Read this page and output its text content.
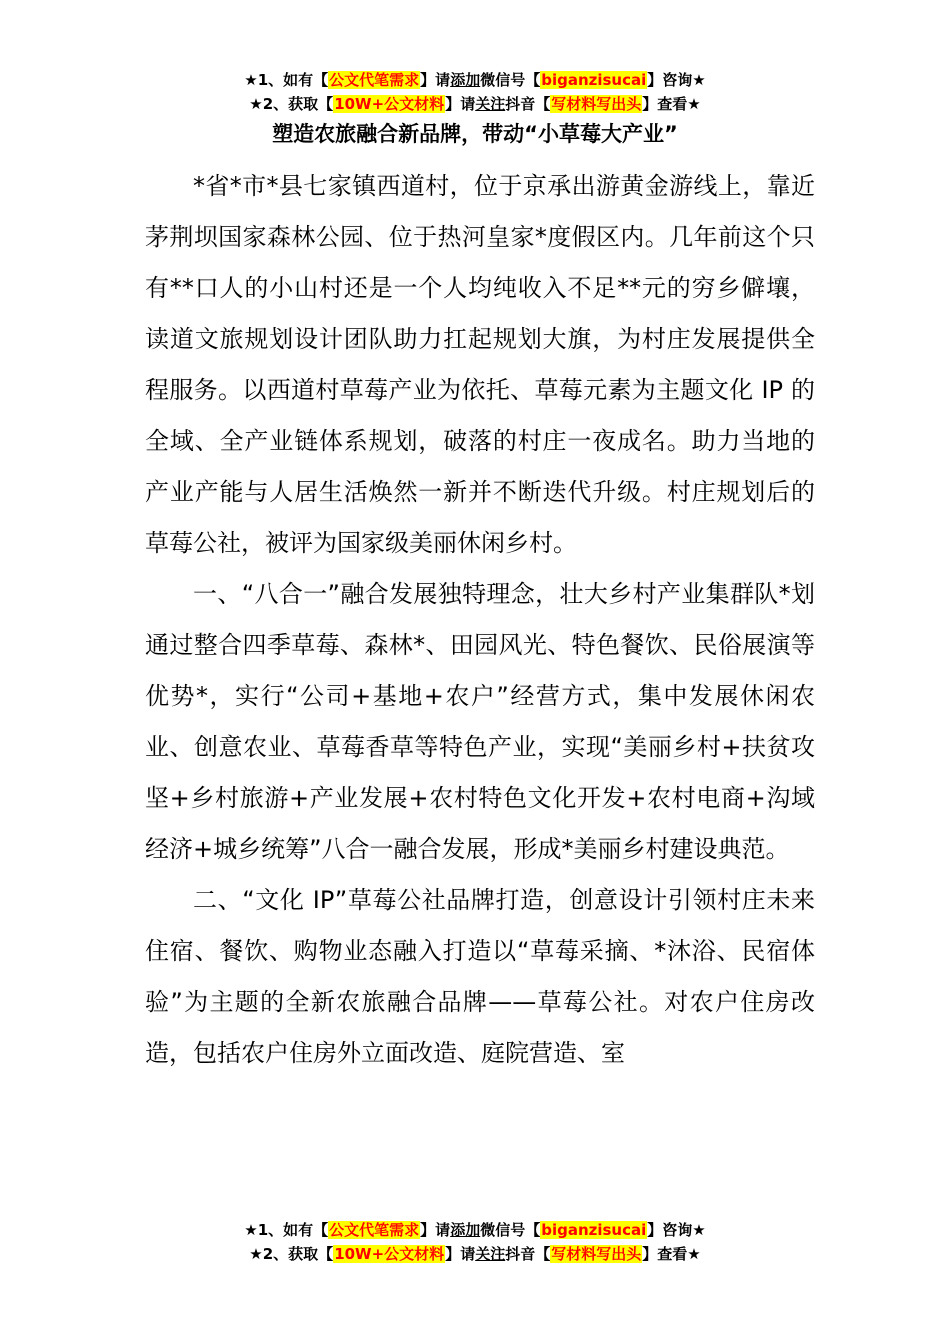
★1、如有【公文代笔需求】请添加微信号【biganzisucai】咨询★
★2、获取【10W+公文材料】请关注抖音【写材料写出头】查看★
塑造农旅融合新品牌，带动“小草莓大产业”

*省*市*县七家镇西道村，位于京承出游黄金游线上，靠近茅荆坝国家森林公园、位于热河皇家*度假区内。几年前这个只有**口人的小山村还是一个人均纯收入不足**元的穷乡僻壤，读道文旅规划设计团队助力扛起规划大旗，为村庄发展提供全程服务。以西道村草莓产业为依托、草莓元素为主题文化 IP 的全域、全产业链体系规划，破落的村庄一夜成名。助力当地的产业产能与人居生活焕然一新并不断迭代升级。村庄规划后的草莓公社，被评为国家级美丽休闲乡村。

一、“八合一”融合发展独特理念，壮大乡村产业集群队*划通过整合四季草莓、森林*、田园风光、特色餐饮、民俗展演等优势*，实行“公司+基地+农户”经营方式，集中发展休闲农业、创意农业、草莓香草等特色产业，实现“美丽乡村+扶贫攻坚+乡村旅游+产业发展+农村特色文化开发+农村电商+沟域经济+城乡统筹”八合一融合发展，形成*美丽乡村建设典范。

二、“文化 IP”草莓公社品牌打造，创意设计引领村庄未来住宿、餐饮、购物业态融入打造以“草莓采摘、*沐浴、民宿体验”为主题的全新农旅融合品牌——草莓公社。对农户住房改造，包括农户住房外立面改造、庭院营造、室

★1、如有【公文代笔需求】请添加微信号【biganzisucai】咨询★
★2、获取【10W+公文材料】请关注抖音【写材料写出头】查看★
